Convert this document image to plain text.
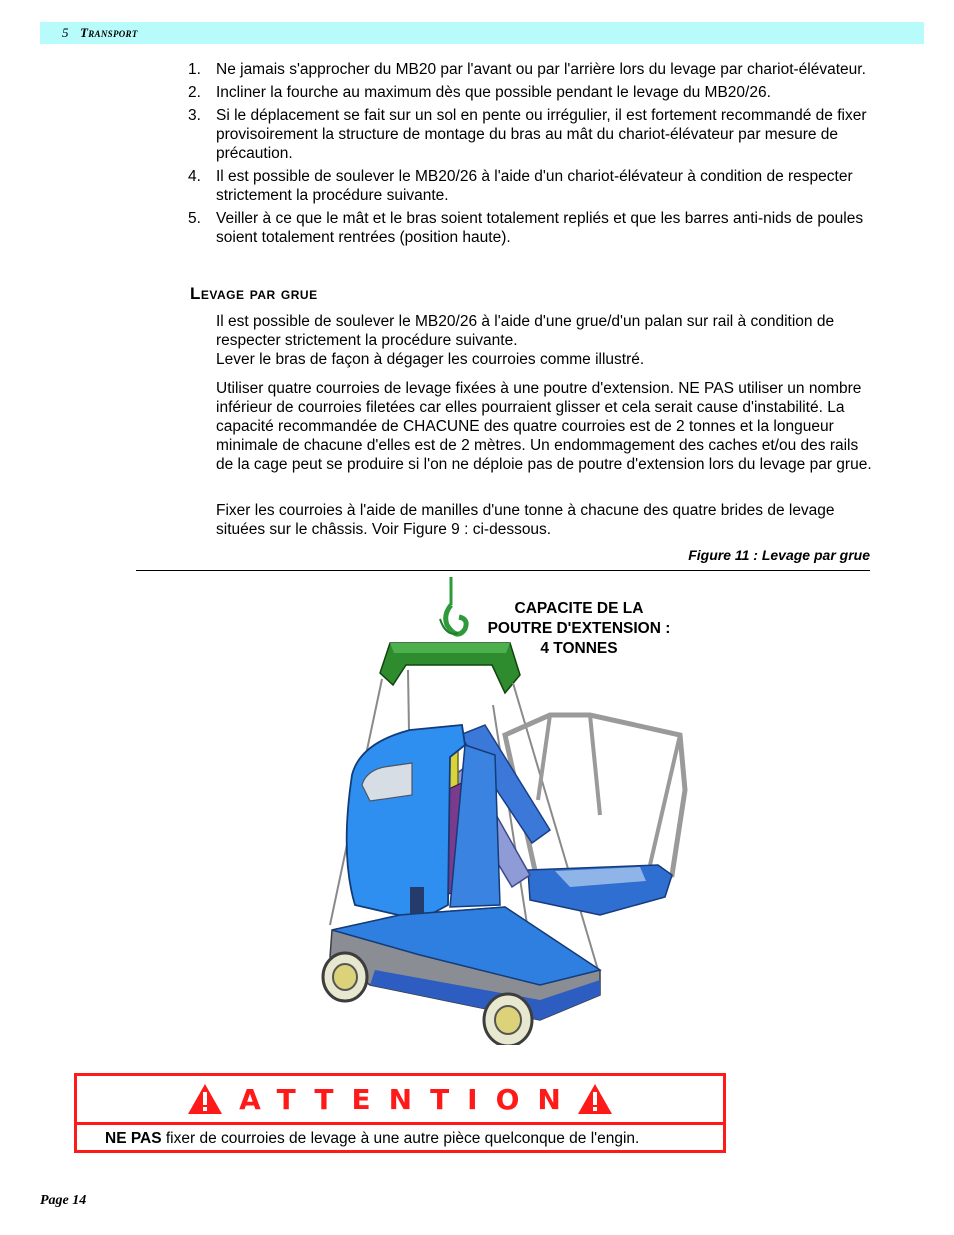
5 Transport
1. Ne jamais s'approcher du MB20 par l'avant ou par l'arrière lors du levage par chariot-élévateur.
2. Incliner la fourche au maximum dès que possible pendant le levage du MB20/26.
3. Si le déplacement se fait sur un sol en pente ou irrégulier, il est fortement recommandé de fixer provisoirement la structure de montage du bras au mât du chariot-élévateur par mesure de précaution.
4. Il est possible de soulever le MB20/26 à l'aide d'un chariot-élévateur à condition de respecter strictement la procédure suivante.
5. Veiller à ce que le mât et le bras soient totalement repliés et que les barres anti-nids de poules soient totalement rentrées (position haute).
Levage par grue

Il est possible de soulever le MB20/26 à l'aide d'une grue/d'un palan sur rail à condition de respecter strictement la procédure suivante.

Lever le bras de façon à dégager les courroies comme illustré.

Utiliser quatre courroies de levage fixées à une poutre d'extension. NE PAS utiliser un nombre inférieur de courroies filetées car elles pourraient glisser et cela serait cause d'instabilité. La capacité recommandée de CHACUNE des quatre courroies est de 2 tonnes et la longueur minimale de chacune d'elles est de 2 mètres. Un endommagement des caches et/ou des rails de la cage peut se produire si l'on ne déploie pas de poutre d'extension lors du levage par grue.

Fixer les courroies à l'aide de manilles d'une tonne à chacune des quatre brides de levage situées sur le châssis. Voir Figure 9 : ci-dessous.

Figure 11 : Levage par grue
CAPACITE DE LA
POUTRE D'EXTENSION :
4 TONNES
ATTENTION
NE PAS fixer de courroies de levage à une autre pièce quelconque de l'engin.
Page 14
